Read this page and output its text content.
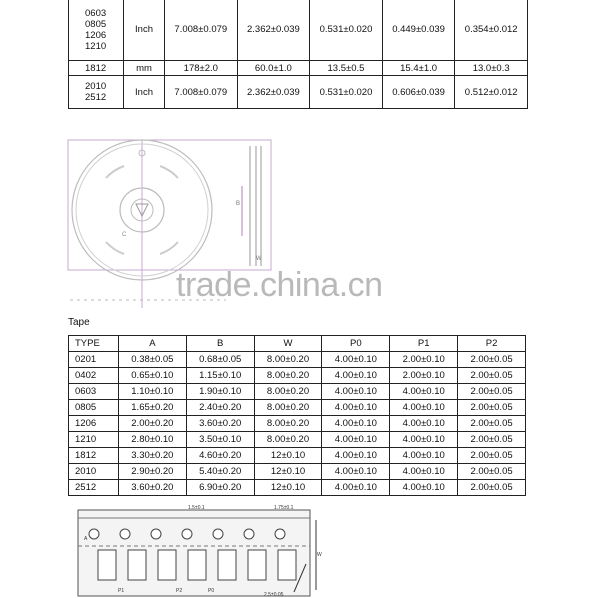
0603
0805
1206
1210	Inch	7.008±0.079	2.362±0.039	0.531±0.020	0.449±0.039	0.354±0.012
1812	mm	178±2.0	60.0±1.0	13.5±0.5	15.4±1.0	13.0±0.3

2010
2512	Inch	7.008±0.079	2.362±0.039	0.531±0.020	0.606±0.039	0.512±0.012
C
B
W
trade.china.cn
Tape
TYPE	A	B	W	P0	P1	P2
0201	0.38±0.05	0.68±0.05	8.00±0.20	4.00±0.10	2.00±0.10	2.00±0.05
0402	0.65±0.10	1.15±0.10	8.00±0.20	4.00±0.10	2.00±0.10	2.00±0.05
0603	1.10±0.10	1.90±0.10	8.00±0.20	4.00±0.10	4.00±0.10	2.00±0.05
0805	1.65±0.20	2.40±0.20	8.00±0.20	4.00±0.10	4.00±0.10	2.00±0.05
1206	2.00±0.20	3.60±0.20	8.00±0.20	4.00±0.10	4.00±0.10	2.00±0.05
1210	2.80±0.10	3.50±0.10	8.00±0.20	4.00±0.10	4.00±0.10	2.00±0.05
1812	3.30±0.20	4.60±0.20	12±0.10	4.00±0.10	4.00±0.10	2.00±0.05
2010	2.90±0.20	5.40±0.20	12±0.10	4.00±0.10	4.00±0.10	2.00±0.05
2512	3.60±0.20	6.90±0.20	12±0.10	4.00±0.10	4.00±0.10	2.00±0.05
1.5±0.1
A
P1	P2	P0
1.75±0.1
W
2.5±0.05
